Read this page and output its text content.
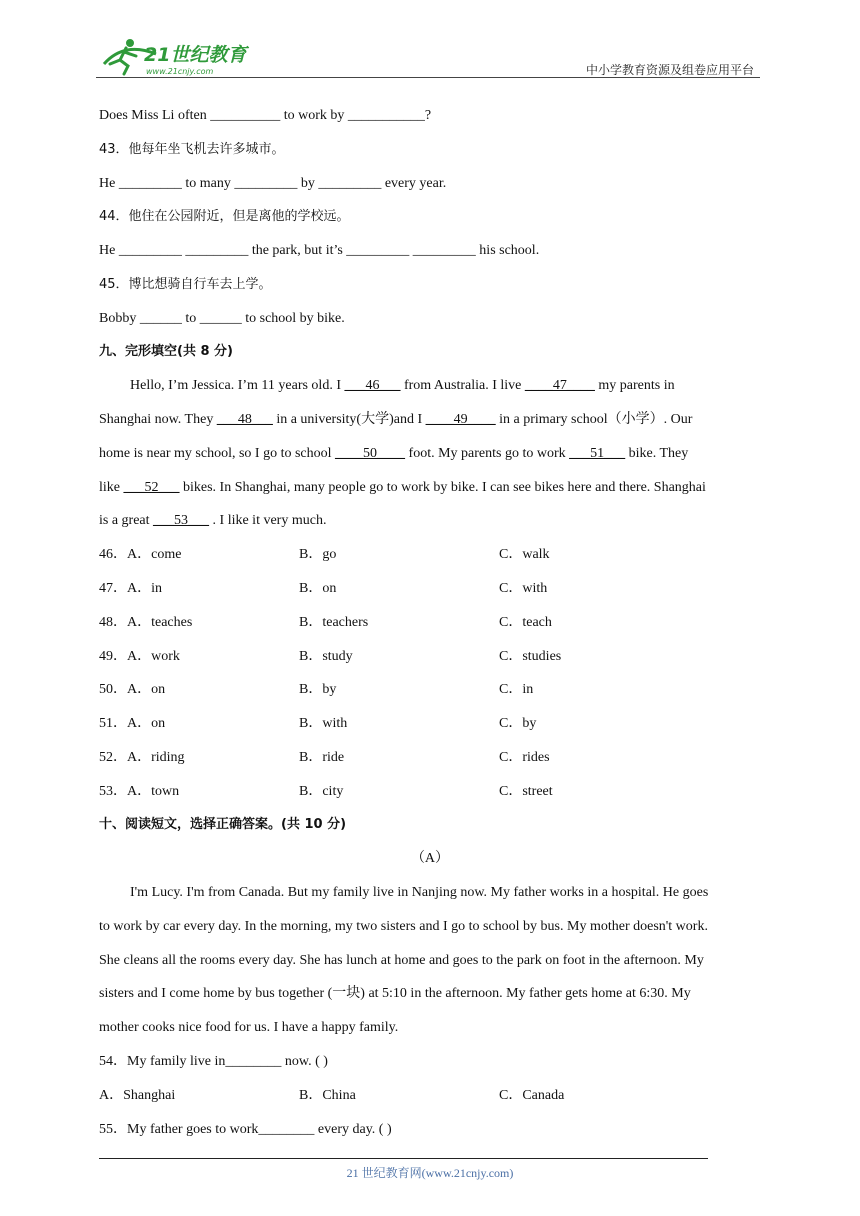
21世纪教育
www.21cnjy.com	中小学教育资源及组卷应用平台
Does Miss Li often __________ to work by ___________?
43．他每年坐飞机去许多城市。
He _________ to many _________ by _________ every year.
44．他住在公园附近，但是离他的学校远。
He _________ _________ the park, but it’s _________ _________ his school.
45．博比想骑自行车去上学。
Bobby ______ to ______ to school by bike.
九、完形填空(共 8 分)
Hello, I’m Jessica. I’m 11 years old. I ___46___ from Australia. I live ____47____ my parents in
Shanghai now. They ___48___ in a university(大学)and I ____49____ in a primary school（小学）. Our
home is near my school, so I go to school ____50____ foot. My parents go to work ___51___ bike. They
like ___52___ bikes. In Shanghai, many people go to work by bike. I can see bikes here and there. Shanghai
is a great ___53___ . I like it very much.
46．A．come	B．go	C．walk
47．A．in	B．on	C．with
48．A．teaches	B．teachers	C．teach
49．A．work	B．study	C．studies
50．A．on	B．by	C．in
51．A．on	B．with	C．by
52．A．riding	B．ride	C．rides
53．A．town	B．city	C．street
十、阅读短文，选择正确答案。(共 10 分)
（A）
I'm Lucy. I'm from Canada. But my family live in Nanjing now. My father works in a hospital. He goes
to work by car every day. In the morning, my two sisters and I go to school by bus. My mother doesn't work.
She cleans all the rooms every day. She has lunch at home and goes to the park on foot in the afternoon. My
sisters and I come home by bus together (一块) at 5:10 in the afternoon. My father gets home at 6:30. My
mother cooks nice food for us. I have a happy family.
54．My family live in________ now. ( )
A．Shanghai	B．China	C．Canada
55．My father goes to work________ every day. ( )
21 世纪教育网(www.21cnjy.com)
